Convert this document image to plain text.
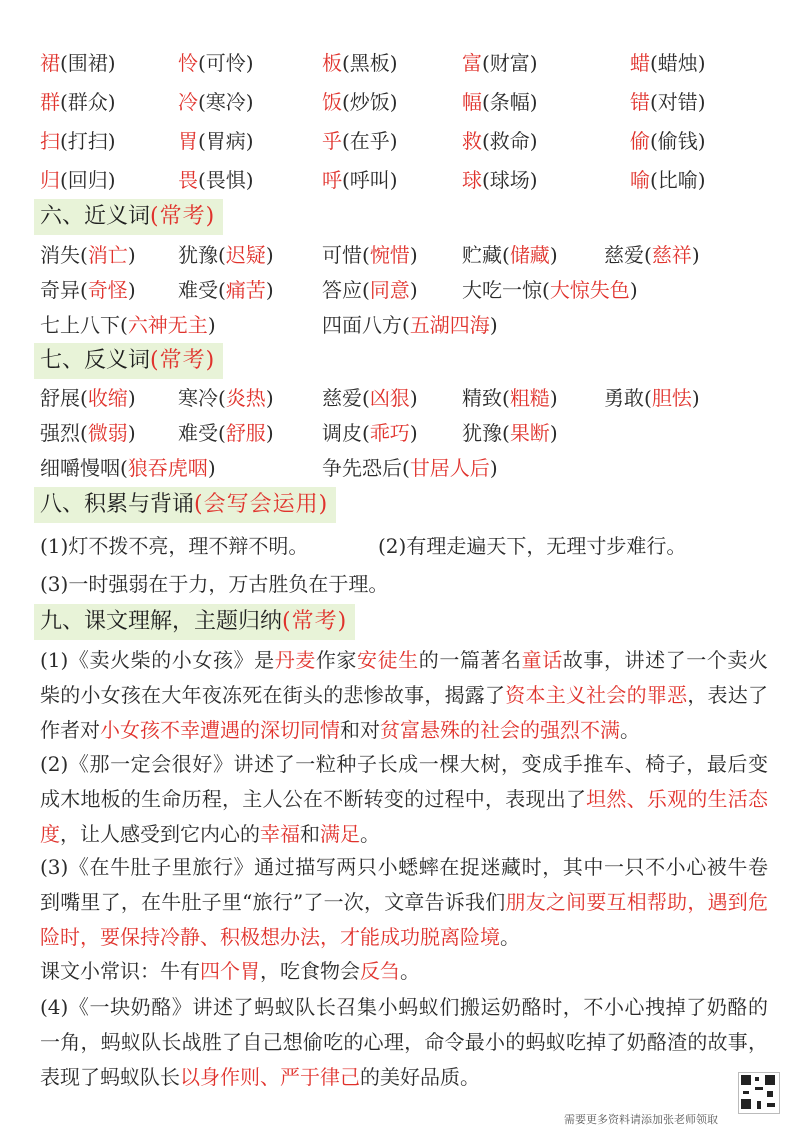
裙(围裙)	怜(可怜)	板(黑板)	富(财富)	蜡(蜡烛)
群(群众)	冷(寒冷)	饭(炒饭)	幅(条幅)	错(对错)
扫(打扫)	胃(胃病)	乎(在乎)	救(救命)	偷(偷钱)
归(回归)	畏(畏惧)	呼(呼叫)	球(球场)	喻(比喻)
六、近义词(常考)
消失(消亡) 犹豫(迟疑) 可惜(惋惜) 贮藏(储藏) 慈爱(慈祥)
奇异(奇怪) 难受(痛苦) 答应(同意) 大吃一惊(大惊失色)
七上八下(六神无主)	四面八方(五湖四海)
七、反义词(常考)
舒展(收缩) 寒冷(炎热) 慈爱(凶狠) 精致(粗糙) 勇敢(胆怯)
强烈(微弱) 难受(舒服) 调皮(乖巧) 犹豫(果断)
细嚼慢咽(狼吞虎咽)	争先恐后(甘居人后)
八、积累与背诵(会写会运用)
(1)灯不拨不亮，理不辩不明。	(2)有理走遍天下，无理寸步难行。
(3)一时强弱在于力，万古胜负在于理。
九、课文理解，主题归纳(常考)
(1)《卖火柴的小女孩》是丹麦作家安徒生的一篇著名童话故事，讲述了一个卖火柴的小女孩在大年夜冻死在街头的悲惨故事，揭露了资本主义社会的罪恶，表达了作者对小女孩不幸遭遇的深切同情和对贫富悬殊的社会的强烈不满。
(2)《那一定会很好》讲述了一粒种子长成一棵大树，变成手推车、椅子，最后变成木地板的生命历程，主人公在不断转变的过程中，表现出了坦然、乐观的生活态度，让人感受到它内心的幸福和满足。
(3)《在牛肚子里旅行》通过描写两只小蟋蟀在捉迷藏时，其中一只不小心被牛卷到嘴里了，在牛肚子里“旅行”了一次，文章告诉我们朋友之间要互相帮助，遇到危险时，要保持冷静、积极想办法，才能成功脱离险境。
课文小常识：牛有四个胃，吃食物会反刍。
(4)《一块奶酪》讲述了蚂蚁队长召集小蚂蚁们搬运奶酪时，不小心拽掉了奶酪的一角，蚂蚁队长战胜了自己想偷吃的心理，命令最小的蚂蚁吃掉了奶酪渣的故事，表现了蚂蚁队长以身作则、严于律己的美好品质。
需要更多资料请添加张老师领取
